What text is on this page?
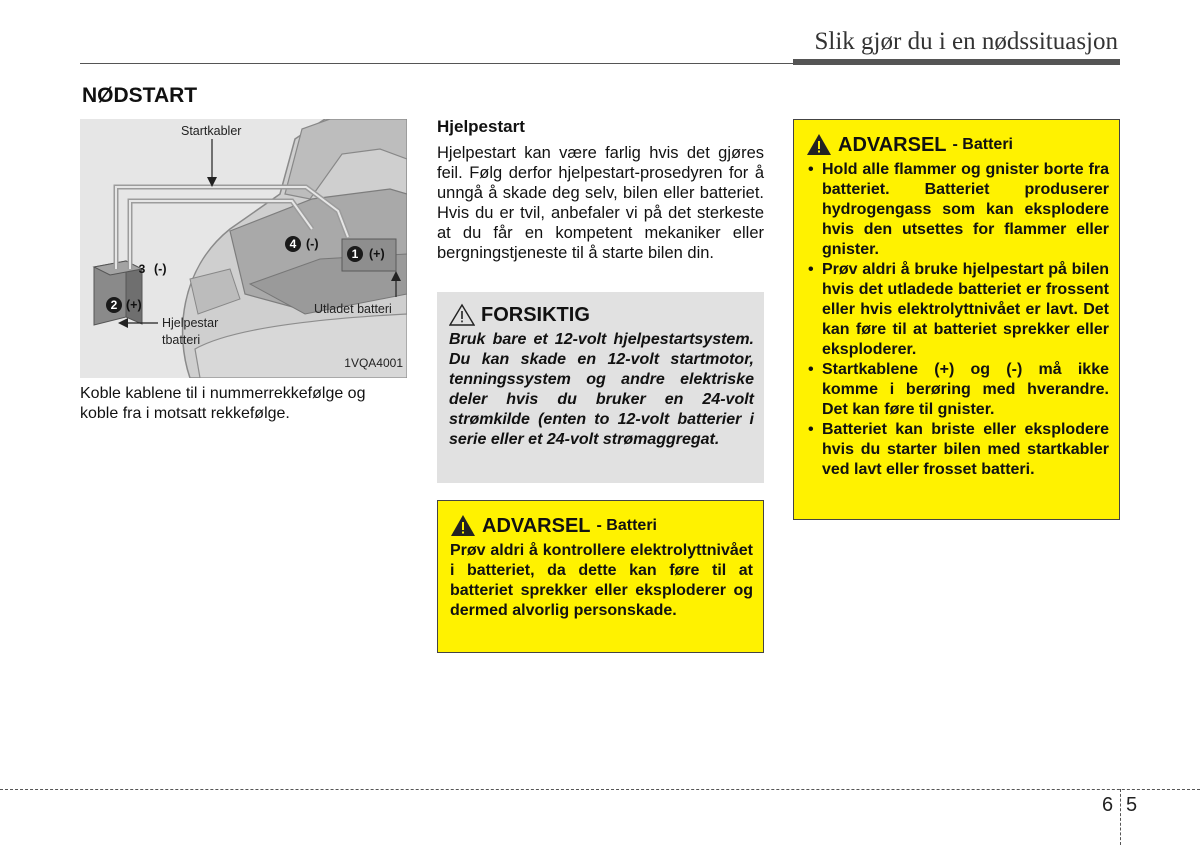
Slik gjør du i en nødssituasjon
NØDSTART
Startkabler
1 (+)
2 (+)
3 (-)
4 (-)
Utladet batteri
Hjelpestar
tbatteri
1VQA4001
Koble kablene til i nummerrekkefølge og koble fra i motsatt rekkefølge.
Hjelpestart
Hjelpestart kan være farlig hvis det gjøres feil. Følg derfor hjelpestart-prosedyren for å unngå å skade deg selv, bilen eller batteriet. Hvis du er tvil, anbefaler vi på det sterkeste at du får en kompetent mekaniker eller bergningstjeneste til å starte bilen din.
FORSIKTIG
Bruk bare et 12-volt hjelpestartsystem. Du kan skade en 12-volt startmotor, tenningssystem og andre elektriske deler hvis du bruker en 24-volt strømkilde (enten to 12-volt batterier i serie eller et 24-volt strømaggregat.
ADVARSEL - Batteri
Prøv aldri å kontrollere elektrolyttnivået i batteriet, da dette kan føre til at batteriet sprekker eller eksploderer og dermed alvorlig personskade.
ADVARSEL - Batteri
• Hold alle flammer og gnister borte fra batteriet. Batteriet produserer hydrogengass som kan eksplodere hvis den utsettes for flammer eller gnister.
• Prøv aldri å bruke hjelpestart på bilen hvis det utladede batteriet er frossent eller hvis elektrolyttnivået er lavt. Det kan føre til at batteriet sprekker eller eksploderer.
• Startkablene (+) og (-) må ikke komme i berøring med hverandre. Det kan føre til gnister.
• Batteriet kan briste eller eksplodere hvis du starter bilen med startkabler ved lavt eller frosset batteri.
6 5
